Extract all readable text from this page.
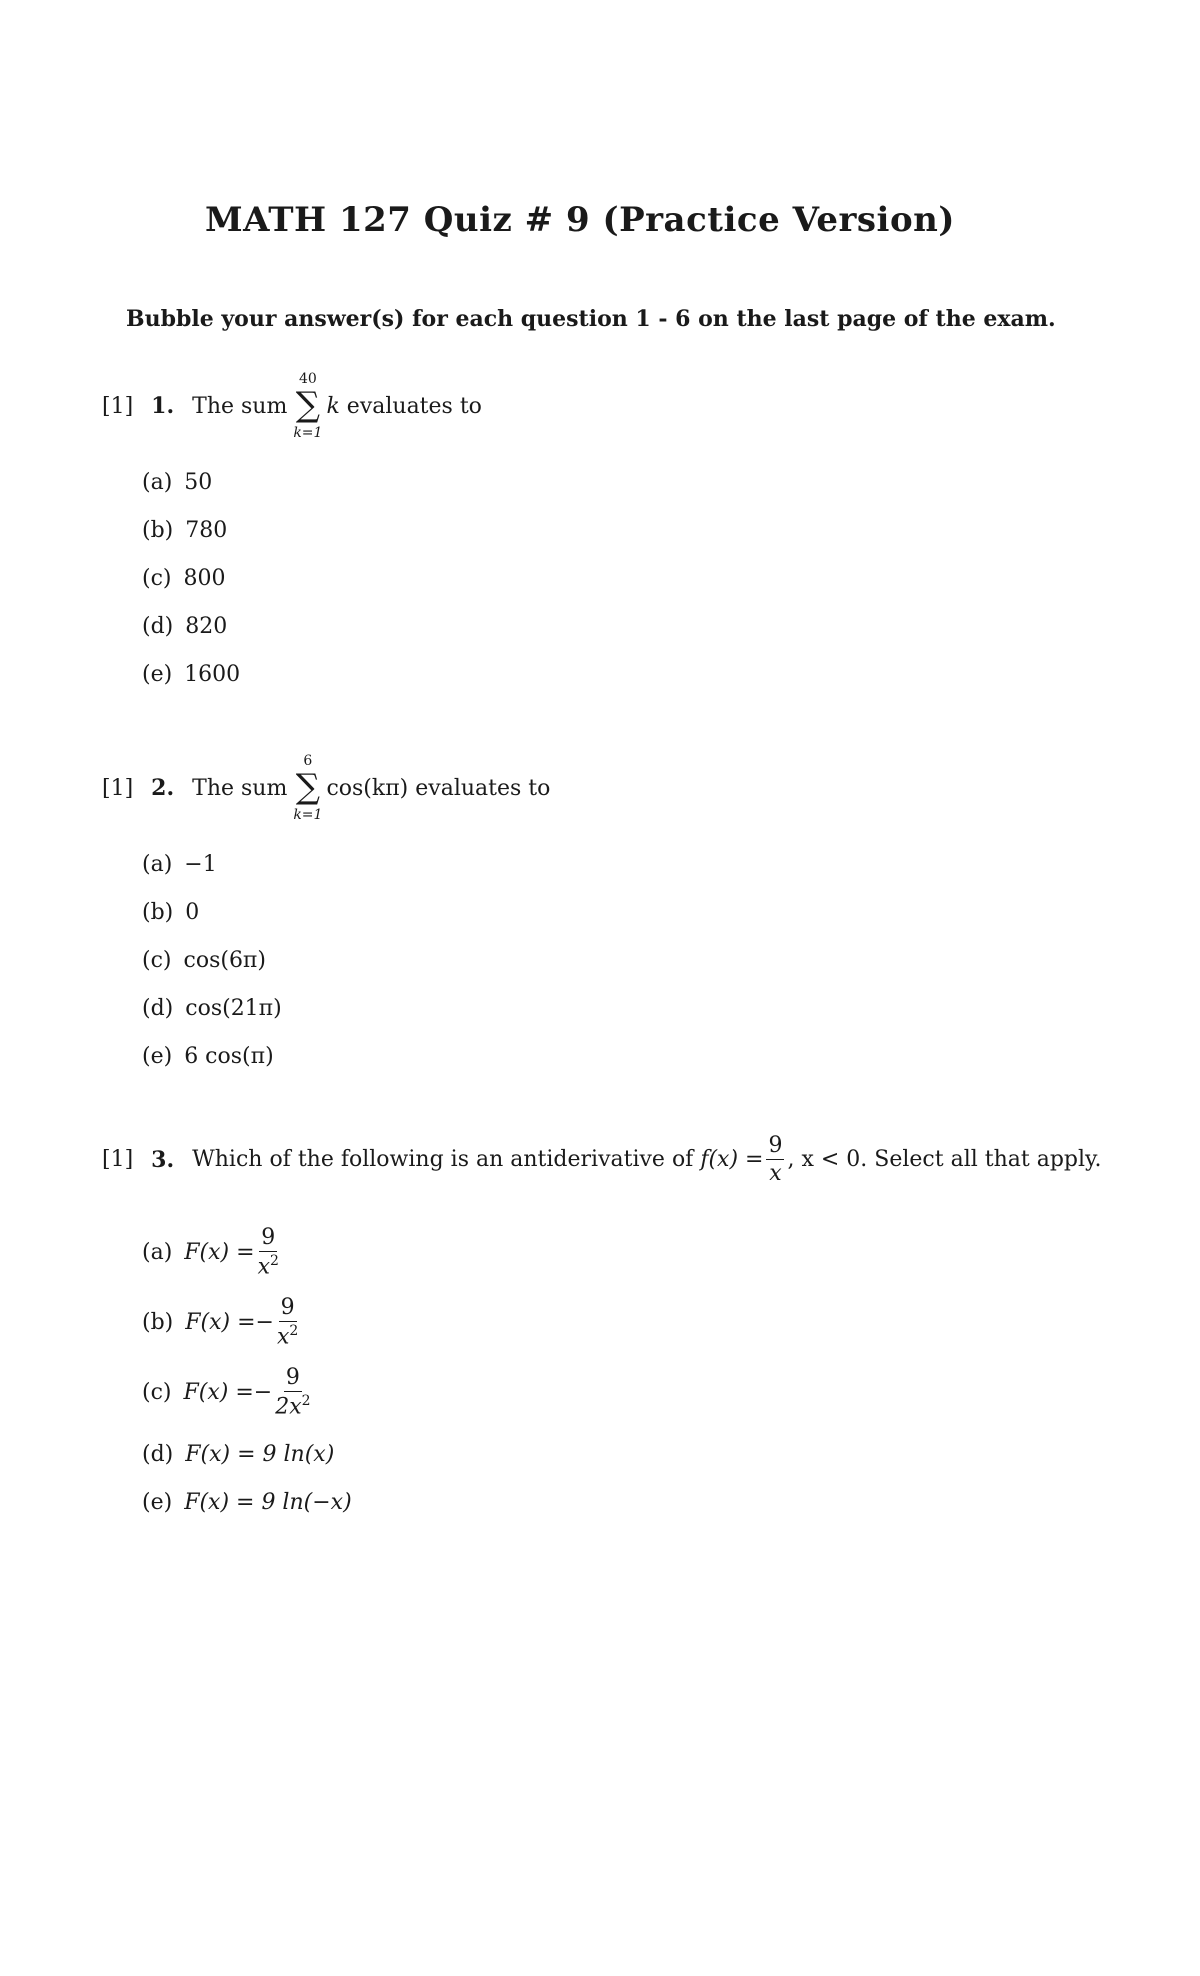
MATH 127 Quiz # 9 (Practice Version)
Bubble your answer(s) for each question 1 - 6 on the last page of the exam.
[1] 1. The sum
40
∑
k=1
k
evaluates to
(a) 50
(b) 780
(c) 800
(d) 820
(e) 1600
[1] 2. The sum
6
∑
k=1
cos(kπ)
evaluates to
(a) −1
(b) 0
(c) cos(6π)
(d) cos(21π)
(e) 6 cos(π)
[1] 3. Which of the following is an antiderivative of
$f(x) = \frac{9}{x}$ , x < 0. Select all that apply.
(a) $F(x) = \frac{9}{x^2}$
(b) F(x) = − $\frac{9}{x^2}$
(c) F(x) = − $\frac{9}{2x^2}$
(d) F(x) = 9 ln(x)
(e) F(x) = 9 ln(−x)
